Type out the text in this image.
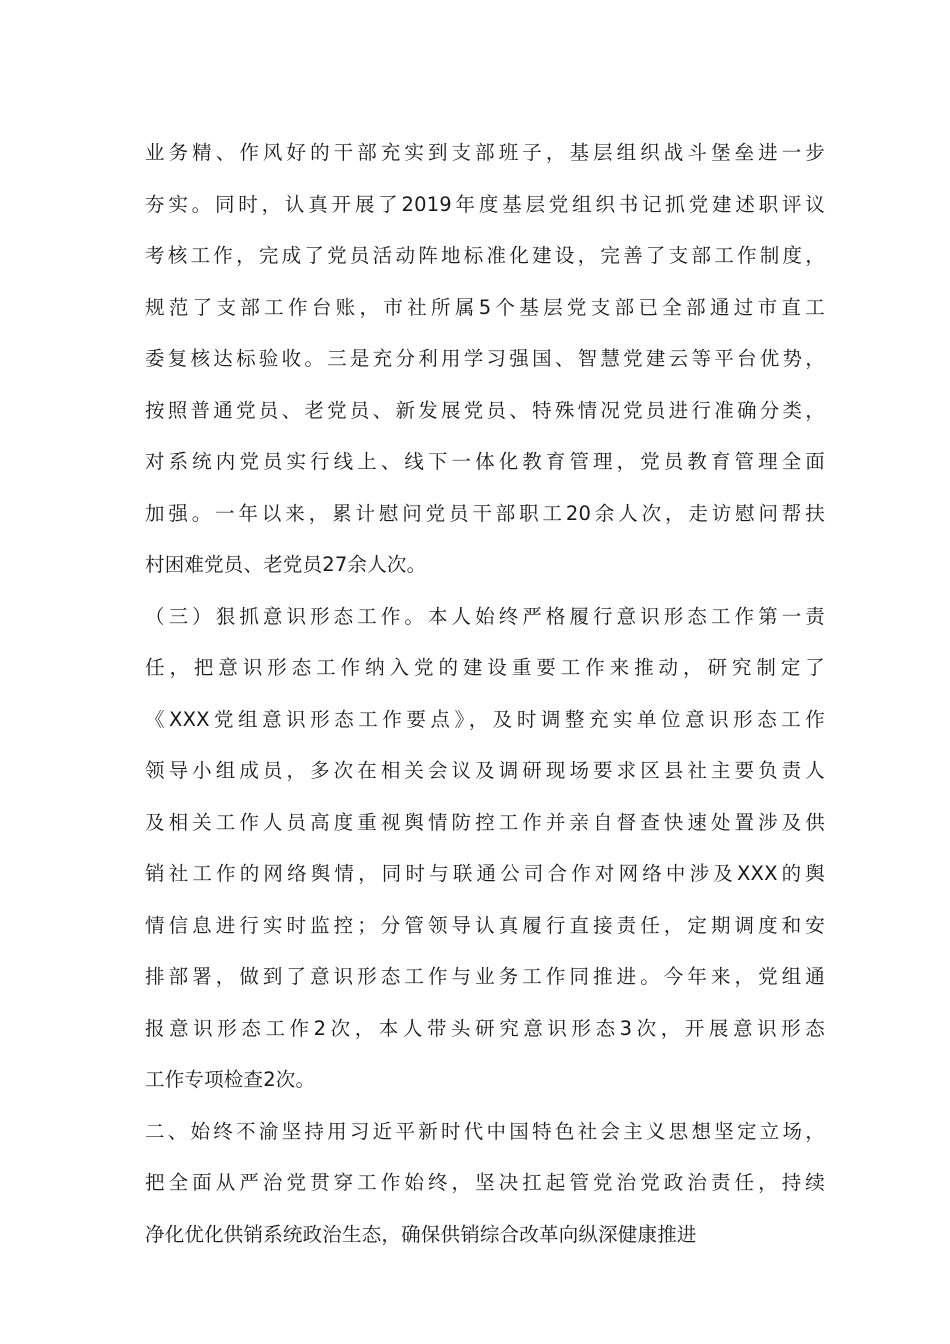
业务精、作风好的干部充实到支部班子，基层组织战斗堡垒进一步
夯实。同时，认真开展了2019年度基层党组织书记抓党建述职评议
考核工作，完成了党员活动阵地标准化建设，完善了支部工作制度，
规范了支部工作台账，市社所属5个基层党支部已全部通过市直工
委复核达标验收。三是充分利用学习强国、智慧党建云等平台优势，
按照普通党员、老党员、新发展党员、特殊情况党员进行准确分类，
对系统内党员实行线上、线下一体化教育管理，党员教育管理全面
加强。一年以来，累计慰问党员干部职工20余人次，走访慰问帮扶
村困难党员、老党员27余人次。
（三）狠抓意识形态工作。本人始终严格履行意识形态工作第一责
任，把意识形态工作纳入党的建设重要工作来推动，研究制定了
《XXX党组意识形态工作要点》，及时调整充实单位意识形态工作
领导小组成员，多次在相关会议及调研现场要求区县社主要负责人
及相关工作人员高度重视舆情防控工作并亲自督查快速处置涉及供
销社工作的网络舆情，同时与联通公司合作对网络中涉及XXX的舆
情信息进行实时监控；分管领导认真履行直接责任，定期调度和安
排部署，做到了意识形态工作与业务工作同推进。今年来，党组通
报意识形态工作2次，本人带头研究意识形态3次，开展意识形态
工作专项检查2次。
二、始终不渝坚持用习近平新时代中国特色社会主义思想坚定立场，
把全面从严治党贯穿工作始终，坚决扛起管党治党政治责任，持续
净化优化供销系统政治生态，确保供销综合改革向纵深健康推进
